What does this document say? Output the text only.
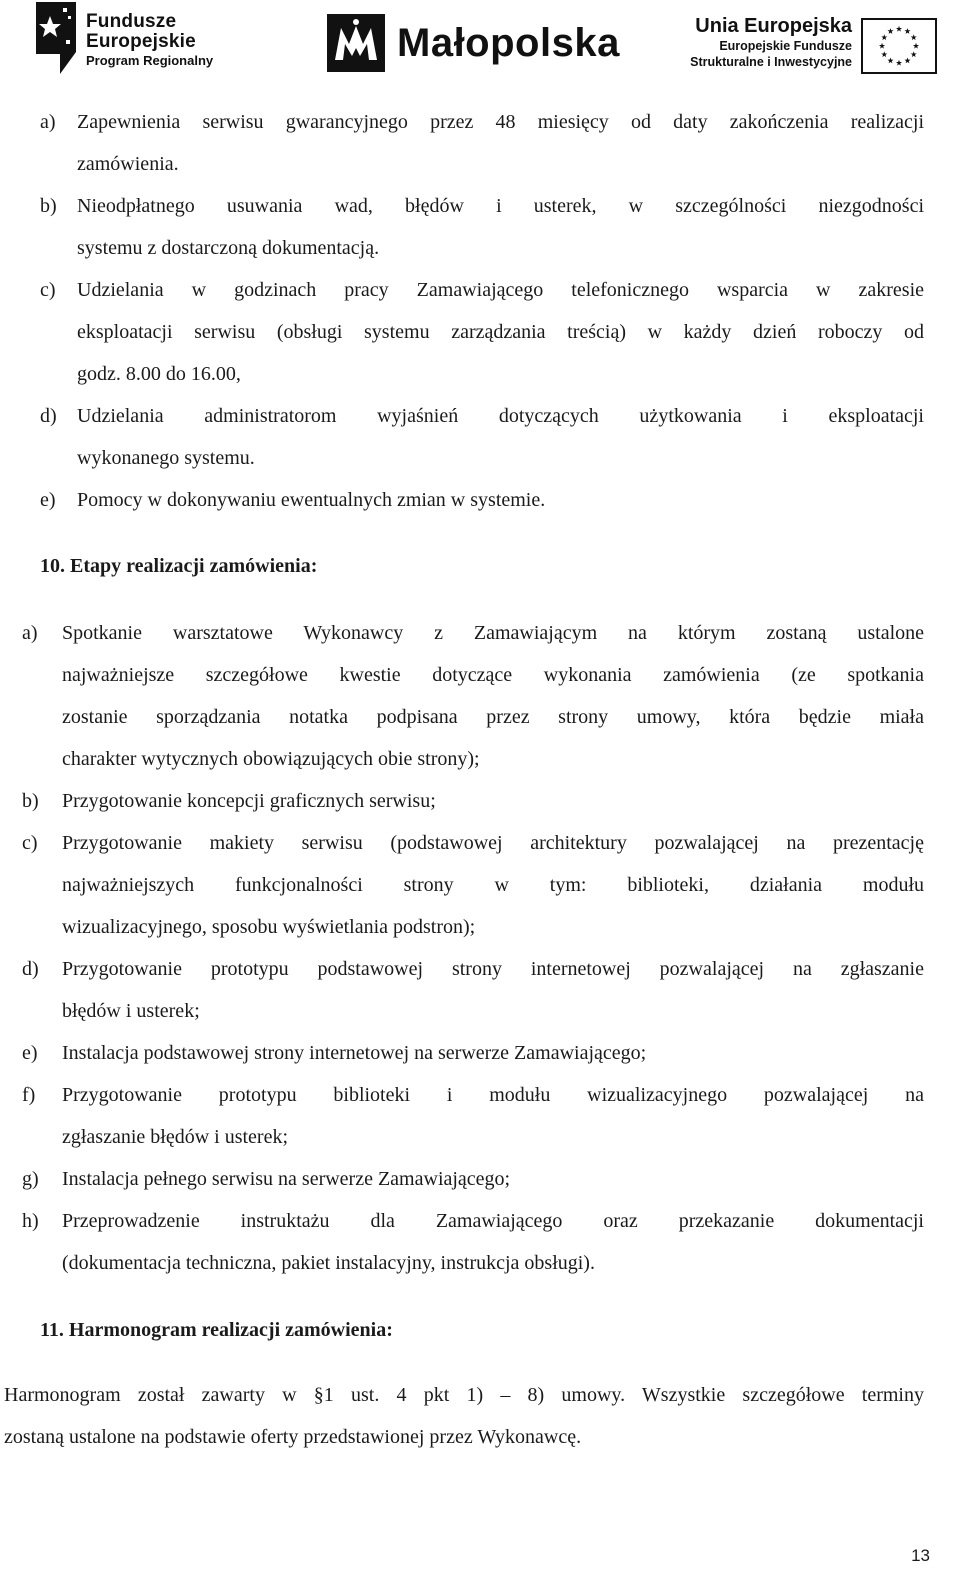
Fundusze
Europejskie
Program Regionalny	Małopolska	Unia Europejska
Europejskie Fundusze
Strukturalne i Inwestycyjne
a) Zapewnienia serwisu gwarancyjnego przez 48 miesięcy od daty zakończenia realizacji
zamówienia.
b) Nieodpłatnego usuwania wad, błędów i usterek, w szczególności niezgodności
systemu z dostarczoną dokumentacją.
c) Udzielania w godzinach pracy Zamawiającego telefonicznego wsparcia w zakresie
eksploatacji serwisu (obsługi systemu zarządzania treścią) w każdy dzień roboczy od
godz. 8.00 do 16.00,
d) Udzielania administratorom wyjaśnień dotyczących użytkowania i eksploatacji
wykonanego systemu.
e) Pomocy w dokonywaniu ewentualnych zmian w systemie.
10. Etapy realizacji zamówienia:
a) Spotkanie warsztatowe Wykonawcy z Zamawiającym na którym zostaną ustalone
najważniejsze szczegółowe kwestie dotyczące wykonania zamówienia (ze spotkania
zostanie sporządzania notatka podpisana przez strony umowy, która będzie miała
charakter wytycznych obowiązujących obie strony);
b) Przygotowanie koncepcji graficznych serwisu;
c) Przygotowanie makiety serwisu (podstawowej architektury pozwalającej na prezentację
najważniejszych funkcjonalności strony w tym: biblioteki, działania modułu
wizualizacyjnego, sposobu wyświetlania podstron);
d) Przygotowanie prototypu podstawowej strony internetowej pozwalającej na zgłaszanie
błędów i usterek;
e) Instalacja podstawowej strony internetowej na serwerze Zamawiającego;
f) Przygotowanie prototypu biblioteki i modułu wizualizacyjnego pozwalającej na
zgłaszanie błędów i usterek;
g) Instalacja pełnego serwisu na serwerze Zamawiającego;
h) Przeprowadzenie instruktażu dla Zamawiającego oraz przekazanie dokumentacji
(dokumentacja techniczna, pakiet instalacyjny, instrukcja obsługi).
11. Harmonogram realizacji zamówienia:
Harmonogram został zawarty w §1 ust. 4 pkt 1) – 8) umowy. Wszystkie szczegółowe terminy
zostaną ustalone na podstawie oferty przedstawionej przez Wykonawcę.
13
